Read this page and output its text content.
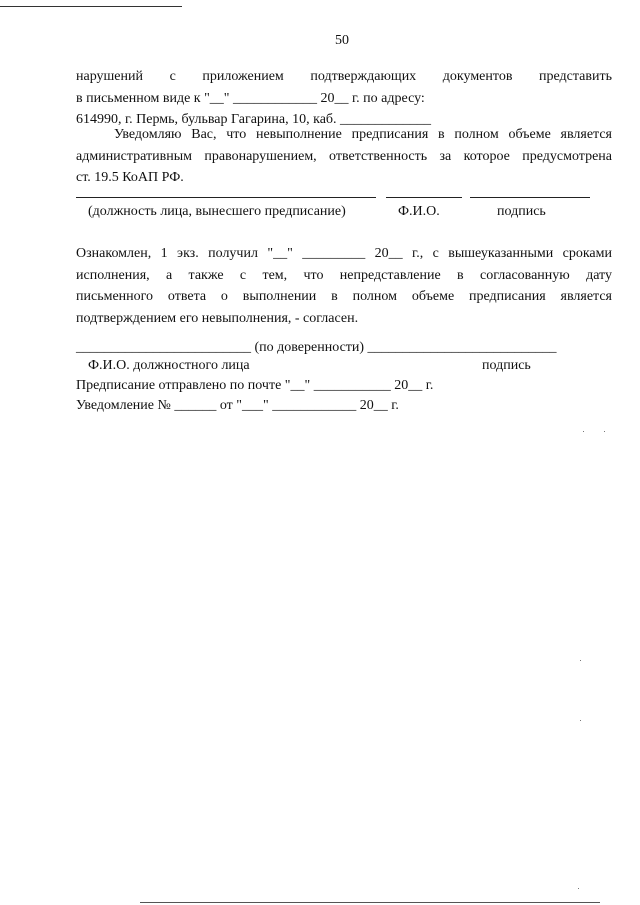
50
нарушений с приложением подтверждающих документов представить
в письменном виде к "__" ____________ 20__ г. по адресу:
614990, г. Пермь, бульвар Гагарина, 10, каб. _____________
Уведомляю Вас, что невыполнение предписания в полном объеме является
административным правонарушением, ответственность за которое предусмотрена
ст. 19.5 КоАП РФ.
(должность лица, вынесшего предписание)	Ф.И.О.	подпись
Ознакомлен, 1 экз. получил "__" _________ 20__ г., с вышеуказанными сроками
исполнения, а также с тем, что непредставление в согласованную дату
письменного ответа о выполнении в полном объеме предписания является
подтверждением его невыполнения, - согласен.
_________________________ (по доверенности) ___________________________
Ф.И.О. должностного лица	подпись
Предписание отправлено по почте "__" ___________ 20__ г.
Уведомление № ______ от "___" ____________ 20__ г.
